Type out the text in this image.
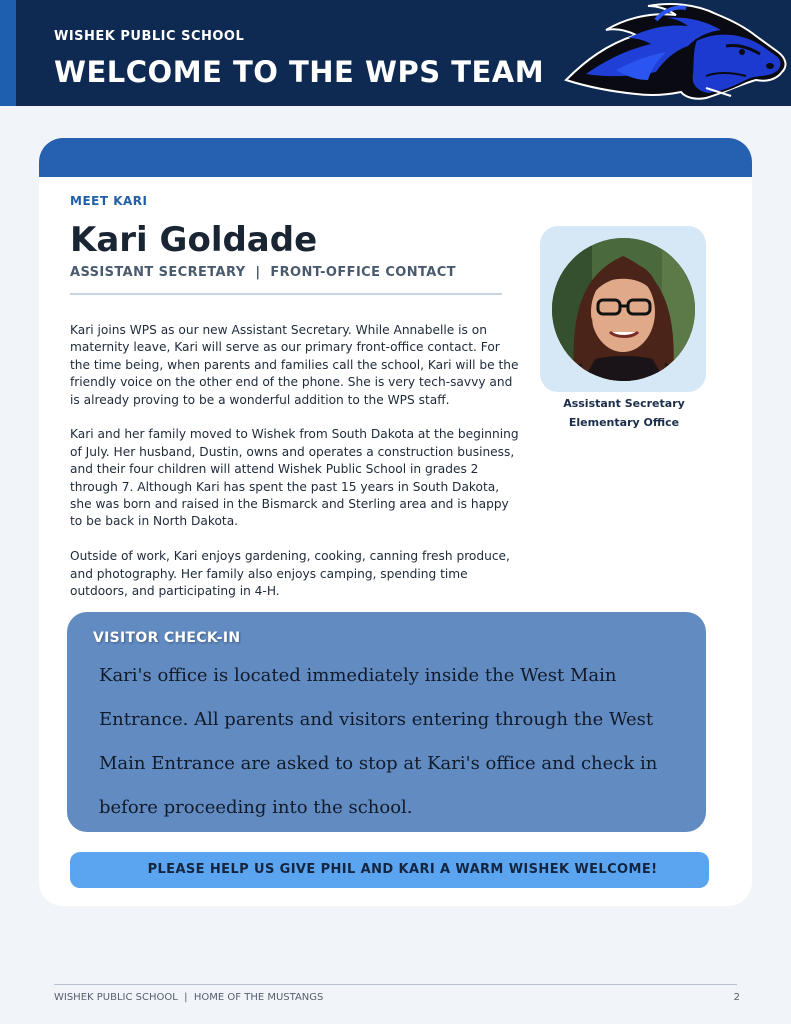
WISHEK PUBLIC SCHOOL
WELCOME TO THE WPS TEAM
MEET KARI
Kari Goldade
ASSISTANT SECRETARY  |  FRONT-OFFICE CONTACT

Kari joins WPS as our new Assistant Secretary. While Annabelle is on maternity leave, Kari will serve as our primary front-office contact. For the time being, when parents and families call the school, Kari will be the friendly voice on the other end of the phone. She is very tech-savvy and is already proving to be a wonderful addition to the WPS staff.

Kari and her family moved to Wishek from South Dakota at the beginning of July. Her husband, Dustin, owns and operates a construction business, and their four children will attend Wishek Public School in grades 2 through 7. Although Kari has spent the past 15 years in South Dakota, she was born and raised in the Bismarck and Sterling area and is happy to be back in North Dakota.

Outside of work, Kari enjoys gardening, cooking, canning fresh produce, and photography. Her family also enjoys camping, spending time outdoors, and participating in 4-H.

Assistant Secretary
Elementary Office
VISITOR CHECK-IN
Kari's office is located immediately inside the West Main Entrance. All parents and visitors entering through the West Main Entrance are asked to stop at Kari's office and check in before proceeding into the school.
PLEASE HELP US GIVE PHIL AND KARI A WARM WISHEK WELCOME!
WISHEK PUBLIC SCHOOL  |  HOME OF THE MUSTANGS	2
